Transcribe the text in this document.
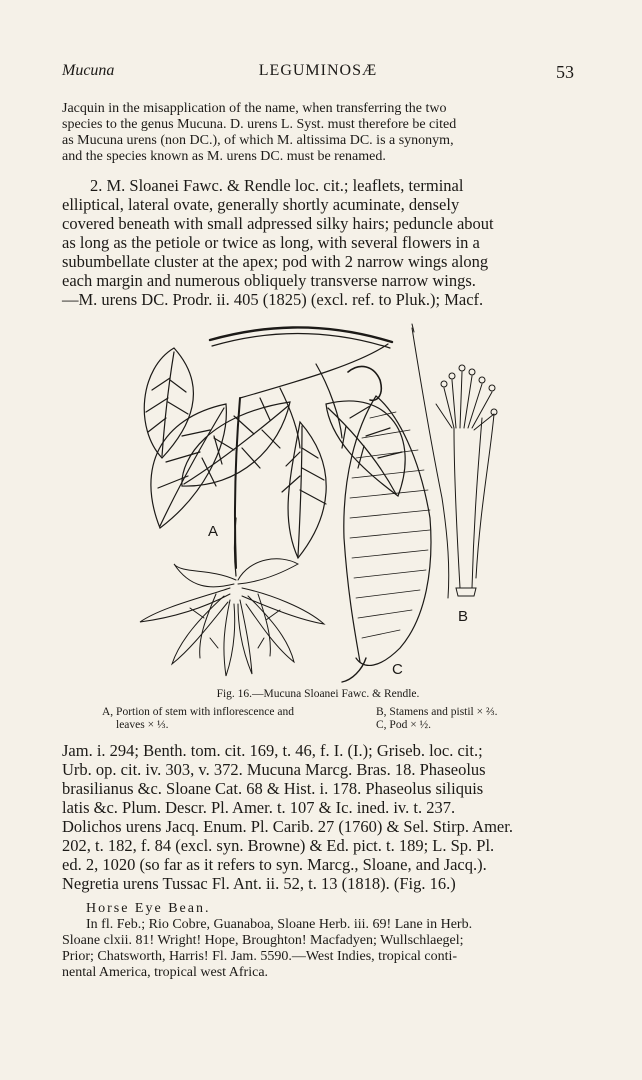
Mucuna	LEGUMINOSÆ	53
Jacquin in the misapplication of the name, when transferring the two
species to the genus Mucuna. D. urens L. Syst. must therefore be cited
as Mucuna urens (non DC.), of which M. altissima DC. is a synonym,
and the species known as M. urens DC. must be renamed.
2. M. Sloanei Fawc. & Rendle loc. cit.; leaflets, terminal
elliptical, lateral ovate, generally shortly acuminate, densely
covered beneath with small adpressed silky hairs; peduncle about
as long as the petiole or twice as long, with several flowers in a
subumbellate cluster at the apex; pod with 2 narrow wings along
each margin and numerous obliquely transverse narrow wings.
—M. urens DC. Prodr. ii. 405 (1825) (excl. ref. to Pluk.); Macf.
A
B
C
Fig. 16.—Mucuna Sloanei Fawc. & Rendle.
A, Portion of stem with inflorescence and
leaves × ⅓.
B, Stamens and pistil × ⅔.
C, Pod × ½.
Jam. i. 294; Benth. tom. cit. 169, t. 46, f. I. (I.); Griseb. loc. cit.;
Urb. op. cit. iv. 303, v. 372. Mucuna Marcg. Bras. 18. Phaseolus
brasilianus &c. Sloane Cat. 68 & Hist. i. 178. Phaseolus siliquis
latis &c. Plum. Descr. Pl. Amer. t. 107 & Ic. ined. iv. t. 237.
Dolichos urens Jacq. Enum. Pl. Carib. 27 (1760) & Sel. Stirp. Amer.
202, t. 182, f. 84 (excl. syn. Browne) & Ed. pict. t. 189; L. Sp. Pl.
ed. 2, 1020 (so far as it refers to syn. Marcg., Sloane, and Jacq.).
Negretia urens Tussac Fl. Ant. ii. 52, t. 13 (1818). (Fig. 16.)
Horse Eye Bean.
In fl. Feb.; Rio Cobre, Guanaboa, Sloane Herb. iii. 69! Lane in Herb.
Sloane clxii. 81! Wright! Hope, Broughton! Macfadyen; Wullschlaegel;
Prior; Chatsworth, Harris! Fl. Jam. 5590.—West Indies, tropical conti-
nental America, tropical west Africa.
